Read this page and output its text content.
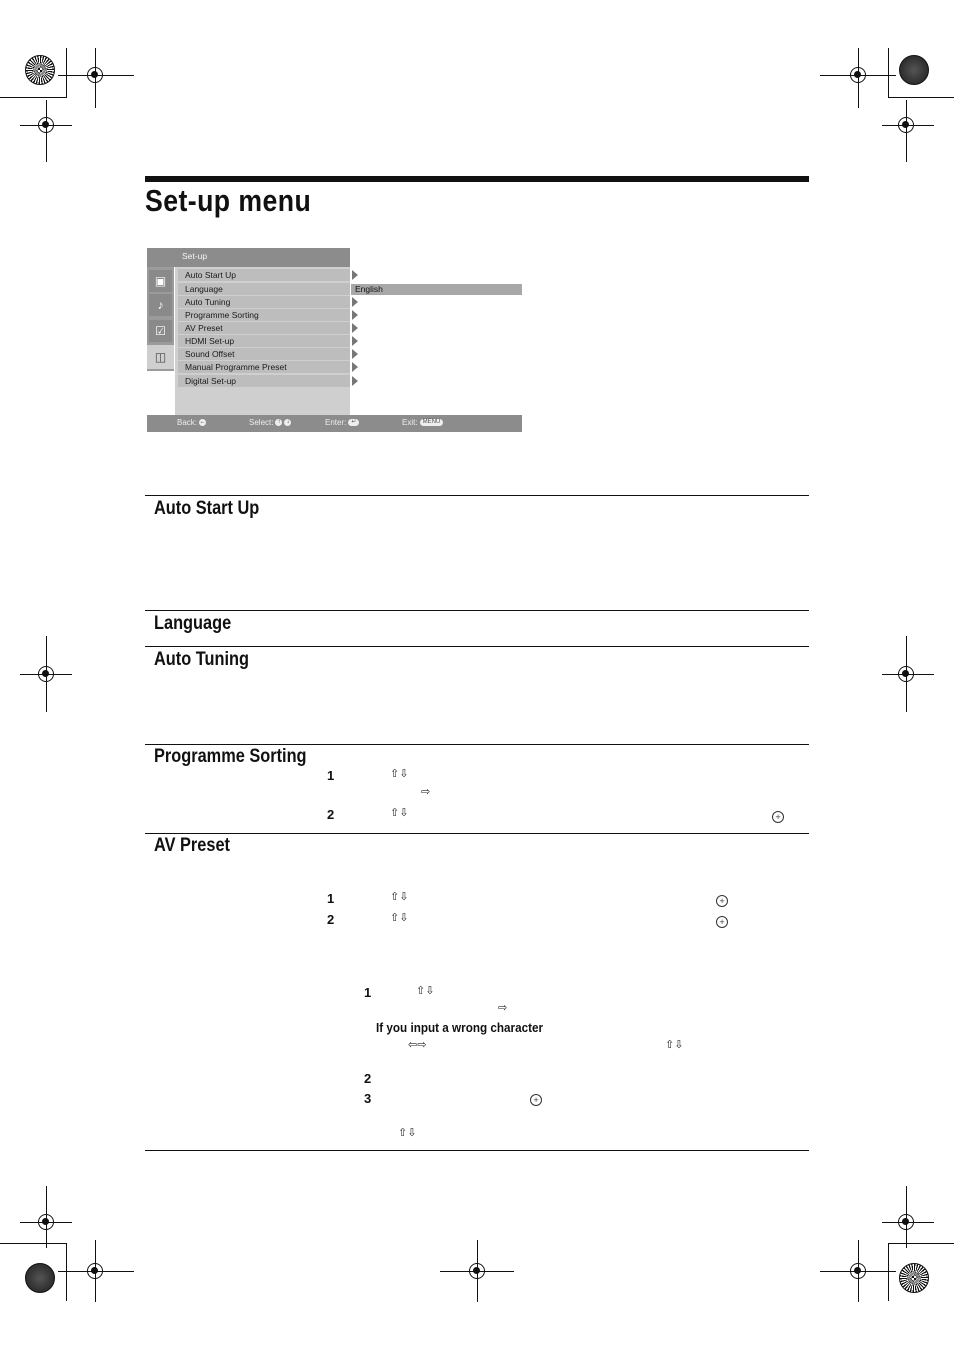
Set-up menu
Set-up
▣
♪
☑
◫
Auto Start Up
Language
Auto Tuning
Programme Sorting
AV Preset
HDMI Set-up
Sound Offset
Manual Programme Preset
Digital Set-up
English
Back: ←	Select: ↑ ↓	Enter: ↵	Exit: MENU
Auto Start Up
Language
Auto Tuning
Programme Sorting
AV Preset
1	⇧⇩
⇨
2	⇧⇩	+
1	⇧⇩	+
2	⇧⇩	+
1	⇧⇩
⇨
If you input a wrong character
⇦⇨	⇧⇩
2
3	+
⇧⇩
